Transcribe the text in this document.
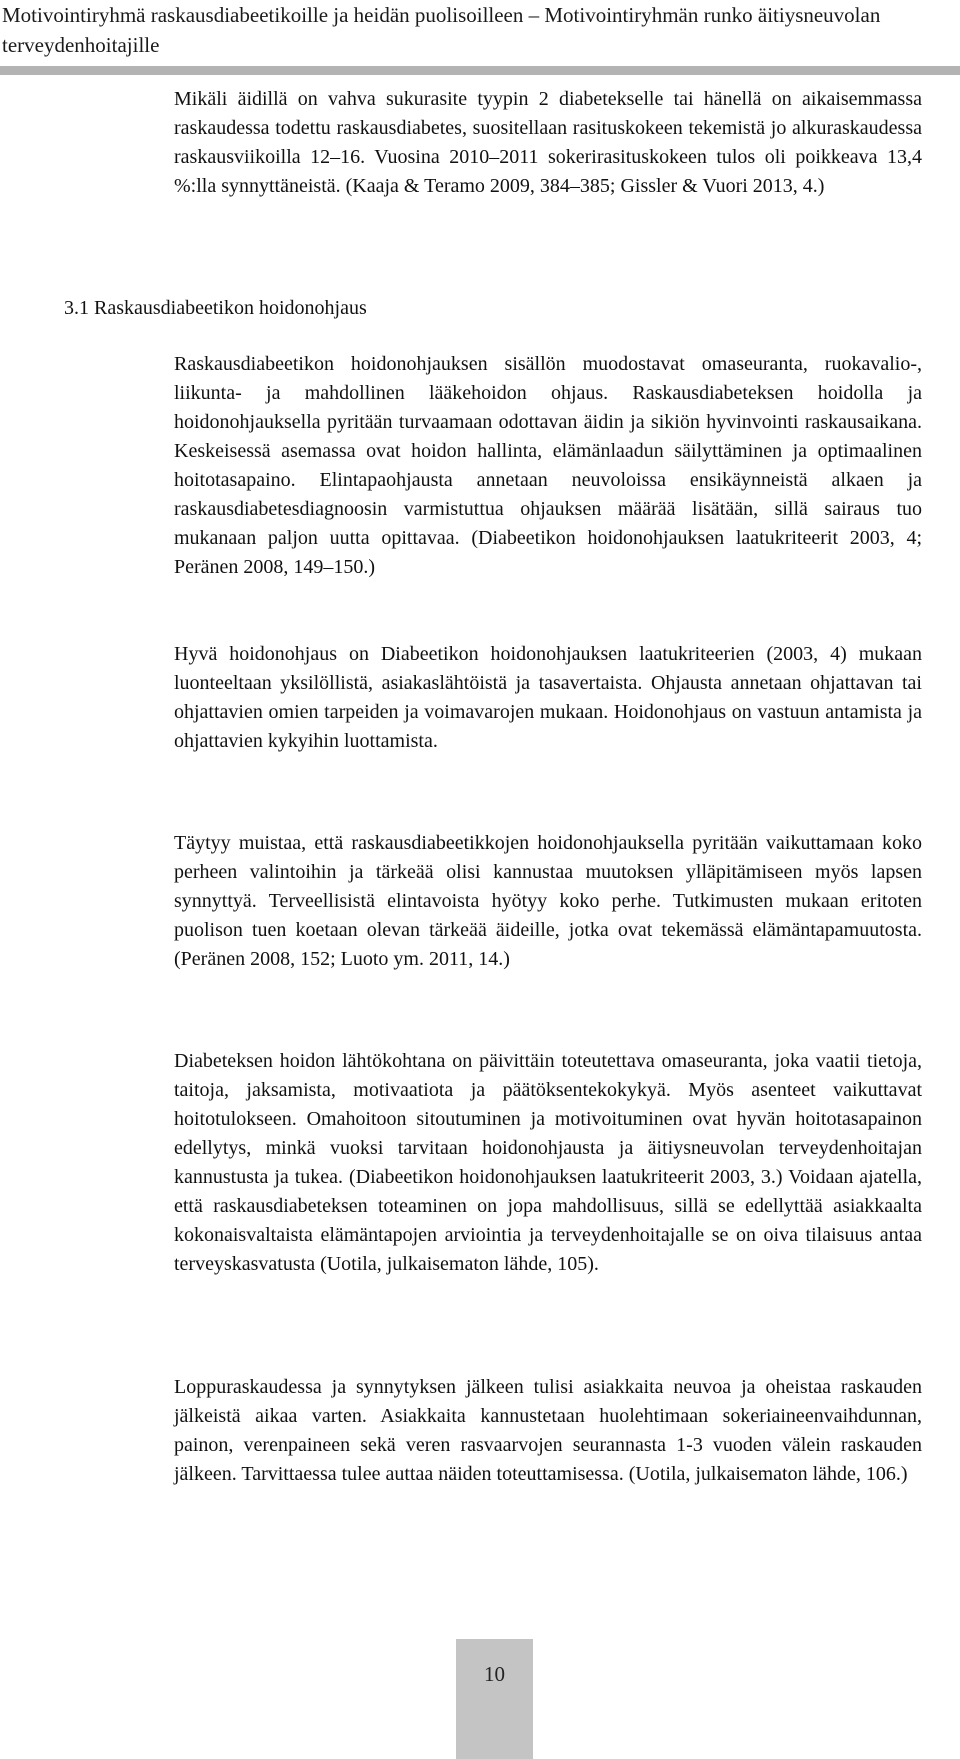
Motivointiryhmä raskausdiabeetikoille ja heidän puolisoilleen – Motivointiryhmän runko äitiysneuvolan terveydenhoitajille

Mikäli äidillä on vahva sukurasite tyypin 2 diabetekselle tai hänellä on aikaisemmassa raskaudessa todettu raskausdiabetes, suositellaan rasituskokeen tekemistä jo alkuraskaudessa raskausviikoilla 12–16. Vuosina 2010–2011 sokerirasituskokeen tulos oli poikkeava 13,4 %:lla synnyttäneistä. (Kaaja & Teramo 2009, 384–385; Gissler & Vuori 2013, 4.)

3.1 Raskausdiabeetikon hoidonohjaus

Raskausdiabeetikon hoidonohjauksen sisällön muodostavat omaseuranta, ruokavalio-, liikunta- ja mahdollinen lääkehoidon ohjaus. Raskausdiabeteksen hoidolla ja hoidonohjauksella pyritään turvaamaan odottavan äidin ja sikiön hyvinvointi raskausaikana. Keskeisessä asemassa ovat hoidon hallinta, elämänlaadun säilyttäminen ja optimaalinen hoitotasapaino. Elintapaohjausta annetaan neuvoloissa ensikäynneistä alkaen ja raskausdiabetesdiagnoosin varmistuttua ohjauksen määrää lisätään, sillä sairaus tuo mukanaan paljon uutta opittavaa. (Diabeetikon hoidonohjauksen laatukriteerit 2003, 4; Peränen 2008, 149–150.)

Hyvä hoidonohjaus on Diabeetikon hoidonohjauksen laatukriteerien (2003, 4) mukaan luonteeltaan yksilöllistä, asiakaslähtöistä ja tasavertaista. Ohjausta annetaan ohjattavan tai ohjattavien omien tarpeiden ja voimavarojen mukaan. Hoidonohjaus on vastuun antamista ja ohjattavien kykyihin luottamista.

Täytyy muistaa, että raskausdiabeetikkojen hoidonohjauksella pyritään vaikuttamaan koko perheen valintoihin ja tärkeää olisi kannustaa muutoksen ylläpitämiseen myös lapsen synnyttyä. Terveellisistä elintavoista hyötyy koko perhe. Tutkimusten mukaan eritoten puolison tuen koetaan olevan tärkeää äideille, jotka ovat tekemässä elämäntapamuutosta. (Peränen 2008, 152; Luoto ym. 2011, 14.)

Diabeteksen hoidon lähtökohtana on päivittäin toteutettava omaseuranta, joka vaatii tietoja, taitoja, jaksamista, motivaatiota ja päätöksentekokykyä. Myös asenteet vaikuttavat hoitotulokseen. Omahoitoon sitoutuminen ja motivoituminen ovat hyvän hoitotasapainon edellytys, minkä vuoksi tarvitaan hoidonohjausta ja äitiysneuvolan terveydenhoitajan kannustusta ja tukea. (Diabeetikon hoidonohjauksen laatukriteerit 2003, 3.) Voidaan ajatella, että raskausdiabeteksen toteaminen on jopa mahdollisuus, sillä se edellyttää asiakkaalta kokonaisvaltaista elämäntapojen arviointia ja terveydenhoitajalle se on oiva tilaisuus antaa terveyskasvatusta (Uotila, julkaisematon lähde, 105).

Loppuraskaudessa ja synnytyksen jälkeen tulisi asiakkaita neuvoa ja oheistaa raskauden jälkeistä aikaa varten. Asiakkaita kannustetaan huolehtimaan sokeriaineenvaihdunnan, painon, verenpaineen sekä veren rasvaarvojen seurannasta 1-3 vuoden välein raskauden jälkeen. Tarvittaessa tulee auttaa näiden toteuttamisessa. (Uotila, julkaisematon lähde, 106.)

10
